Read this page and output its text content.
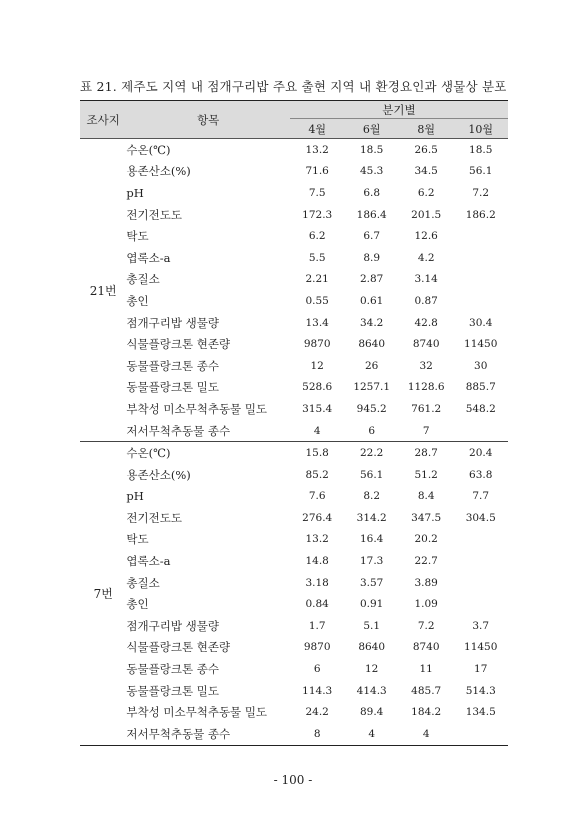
표 21. 제주도 지역 내 점개구리밥 주요 출현 지역 내 환경요인과 생물상 분포
조사지	항목	분기별			
		4월	6월	8월	10월
21번	수온(℃)	13.2	18.5	26.5	18.5
	용존산소(%)	71.6	45.3	34.5	56.1
	pH	7.5	6.8	6.2	7.2
	전기전도도	172.3	186.4	201.5	186.2
	탁도	6.2	6.7	12.6	
	엽록소-a	5.5	8.9	4.2	
	총질소	2.21	2.87	3.14	
	총인	0.55	0.61	0.87	
	점개구리밥 생물량	13.4	34.2	42.8	30.4
	식물플랑크톤 현존량	9870	8640	8740	11450
	동물플랑크톤 종수	12	26	32	30
	동물플랑크톤 밀도	528.6	1257.1	1128.6	885.7
	부착성 미소무척추동물 밀도	315.4	945.2	761.2	548.2
	저서무척추동물 종수	4	6	7	
7번	수온(℃)	15.8	22.2	28.7	20.4
	용존산소(%)	85.2	56.1	51.2	63.8
	pH	7.6	8.2	8.4	7.7
	전기전도도	276.4	314.2	347.5	304.5
	탁도	13.2	16.4	20.2	
	엽록소-a	14.8	17.3	22.7	
	총질소	3.18	3.57	3.89	
	총인	0.84	0.91	1.09	
	점개구리밥 생물량	1.7	5.1	7.2	3.7
	식물플랑크톤 현존량	9870	8640	8740	11450
	동물플랑크톤 종수	6	12	11	17
	동물플랑크톤 밀도	114.3	414.3	485.7	514.3
	부착성 미소무척추동물 밀도	24.2	89.4	184.2	134.5
	저서무척추동물 종수	8	4	4	
- 100 -
